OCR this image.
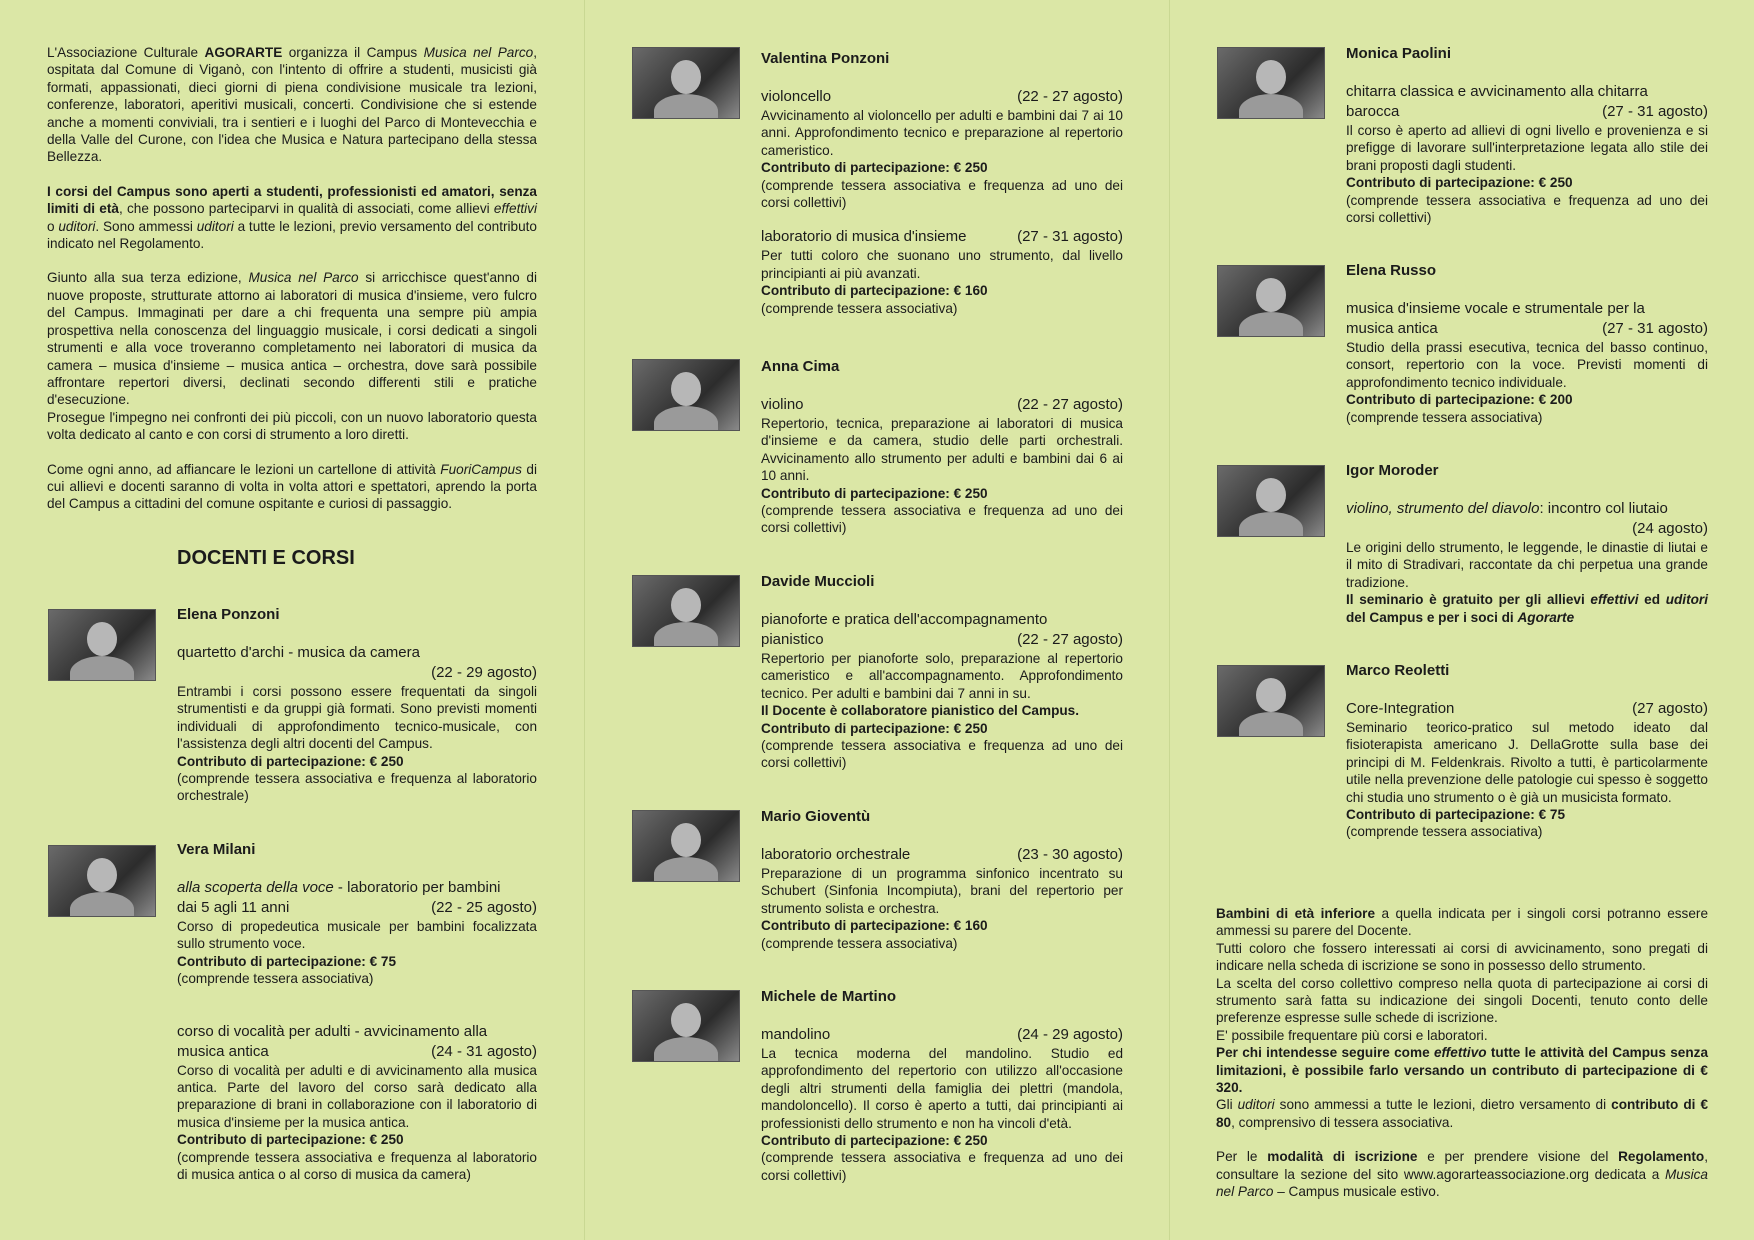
L'Associazione Culturale AGORARTE organizza il Campus Musica nel Parco, ospitata dal Comune di Viganò, con l'intento di offrire a studenti, musicisti già formati, appassionati, dieci giorni di piena condivisione musicale tra lezioni, conferenze, laboratori, aperitivi musicali, concerti. Condivisione che si estende anche a momenti conviviali, tra i sentieri e i luoghi del Parco di Montevecchia e della Valle del Curone, con l'idea che Musica e Natura partecipano della stessa Bellezza.

I corsi del Campus sono aperti a studenti, professionisti ed amatori, senza limiti di età, che possono parteciparvi in qualità di associati, come allievi effettivi o uditori. Sono ammessi uditori a tutte le lezioni, previo versamento del contributo indicato nel Regolamento.

Giunto alla sua terza edizione, Musica nel Parco si arricchisce quest'anno di nuove proposte, strutturate attorno ai laboratori di musica d'insieme, vero fulcro del Campus. Immaginati per dare a chi frequenta una sempre più ampia prospettiva nella conoscenza del linguaggio musicale, i corsi dedicati a singoli strumenti e alla voce troveranno completamento nei laboratori di musica da camera – musica d'insieme – musica antica – orchestra, dove sarà possibile affrontare repertori diversi, declinati secondo differenti stili e pratiche d'esecuzione.

Prosegue l'impegno nei confronti dei più piccoli, con un nuovo laboratorio questa volta dedicato al canto e con corsi di strumento a loro diretti.

Come ogni anno, ad affiancare le lezioni un cartellone di attività FuoriCampus di cui allievi e docenti saranno di volta in volta attori e spettatori, aprendo la porta del Campus a cittadini del comune ospitante e curiosi di passaggio.

DOCENTI E CORSI

Elena Ponzoni

quartetto d'archi - musica da camera

(22 - 29 agosto)

Entrambi i corsi possono essere frequentati da singoli strumentisti e da gruppi già formati. Sono previsti momenti individuali di approfondimento tecnico-musicale, con l'assistenza degli altri docenti del Campus.

Contributo di partecipazione: € 250

(comprende tessera associativa e frequenza al laboratorio orchestrale)

Vera Milani

alla scoperta della voce - laboratorio per bambini

dai 5 agli 11 anni	(22 - 25 agosto)

Corso di propedeutica musicale per bambini focalizzata sullo strumento voce.

Contributo di partecipazione: € 75

(comprende tessera associativa)

corso di vocalità per adulti - avvicinamento alla

musica antica	(24 - 31 agosto)

Corso di vocalità per adulti e di avvicinamento alla musica antica. Parte del lavoro del corso sarà dedicato alla preparazione di brani in collaborazione con il laboratorio di musica d'insieme per la musica antica.

Contributo di partecipazione: € 250

(comprende tessera associativa e frequenza al laboratorio di musica antica o al corso di musica da camera)

Valentina Ponzoni

violoncello	(22 - 27 agosto)

Avvicinamento al violoncello per adulti e bambini dai 7 ai 10 anni. Approfondimento tecnico e preparazione al repertorio cameristico.

Contributo di partecipazione: € 250

(comprende tessera associativa e frequenza ad uno dei corsi collettivi)

laboratorio di musica d'insieme	(27 - 31 agosto)

Per tutti coloro che suonano uno strumento, dal livello principianti ai più avanzati.

Contributo di partecipazione: € 160

(comprende tessera associativa)

Anna Cima

violino	(22 - 27 agosto)

Repertorio, tecnica, preparazione ai laboratori di musica d'insieme e da camera, studio delle parti orchestrali. Avvicinamento allo strumento per adulti e bambini dai 6 ai 10 anni.

Contributo di partecipazione: € 250

(comprende tessera associativa e frequenza ad uno dei corsi collettivi)

Davide Muccioli

pianoforte e pratica dell'accompagnamento

pianistico	(22 - 27 agosto)

Repertorio per pianoforte solo, preparazione al repertorio cameristico e all'accompagnamento. Approfondimento tecnico. Per adulti e bambini dai 7 anni in su.

Il Docente è collaboratore pianistico del Campus.

Contributo di partecipazione: € 250

(comprende tessera associativa e frequenza ad uno dei corsi collettivi)

Mario Gioventù

laboratorio orchestrale	(23 - 30 agosto)

Preparazione di un programma sinfonico incentrato su Schubert (Sinfonia Incompiuta), brani del repertorio per strumento solista e orchestra.

Contributo di partecipazione: € 160

(comprende tessera associativa)

Michele de Martino

mandolino	(24 - 29 agosto)

La tecnica moderna del mandolino. Studio ed approfondimento del repertorio con utilizzo all'occasione degli altri strumenti della famiglia dei plettri (mandola, mandoloncello). Il corso è aperto a tutti, dai principianti ai professionisti dello strumento e non ha vincoli d'età.

Contributo di partecipazione: € 250

(comprende tessera associativa e frequenza ad uno dei corsi collettivi)

Monica Paolini

chitarra classica e avvicinamento alla chitarra

barocca	(27 - 31 agosto)

Il corso è aperto ad allievi di ogni livello e provenienza e si prefigge di lavorare sull'interpretazione legata allo stile dei brani proposti dagli studenti.

Contributo di partecipazione: € 250

(comprende tessera associativa e frequenza ad uno dei corsi collettivi)

Elena Russo

musica d'insieme vocale e strumentale per la

musica antica	(27 - 31 agosto)

Studio della prassi esecutiva, tecnica del basso continuo, consort, repertorio con la voce. Previsti momenti di approfondimento tecnico individuale.

Contributo di partecipazione: € 200

(comprende tessera associativa)

Igor Moroder

violino, strumento del diavolo: incontro col liutaio

(24 agosto)

Le origini dello strumento, le leggende, le dinastie di liutai e il mito di Stradivari, raccontate da chi perpetua una grande tradizione.

Il seminario è gratuito per gli allievi effettivi ed uditori del Campus e per i soci di Agorarte

Marco Reoletti

Core-Integration	(27 agosto)

Seminario teorico-pratico sul metodo ideato dal fisioterapista americano J. DellaGrotte sulla base dei principi di M. Feldenkrais. Rivolto a tutti, è particolarmente utile nella prevenzione delle patologie cui spesso è soggetto chi studia uno strumento o è già un musicista formato.

Contributo di partecipazione: € 75

(comprende tessera associativa)

Bambini di età inferiore a quella indicata per i singoli corsi potranno essere ammessi su parere del Docente.

Tutti coloro che fossero interessati ai corsi di avvicinamento, sono pregati di indicare nella scheda di iscrizione se sono in possesso dello strumento.

La scelta del corso collettivo compreso nella quota di partecipazione ai corsi di strumento sarà fatta su indicazione dei singoli Docenti, tenuto conto delle preferenze espresse sulle schede di iscrizione.

E' possibile frequentare più corsi e laboratori.

Per chi intendesse seguire come effettivo tutte le attività del Campus senza limitazioni, è possibile farlo versando un contributo di partecipazione di € 320.

Gli uditori sono ammessi a tutte le lezioni, dietro versamento di contributo di € 80, comprensivo di tessera associativa.

Per le modalità di iscrizione e per prendere visione del Regolamento, consultare la sezione del sito www.agorarteassociazione.org dedicata a Musica nel Parco – Campus musicale estivo.
